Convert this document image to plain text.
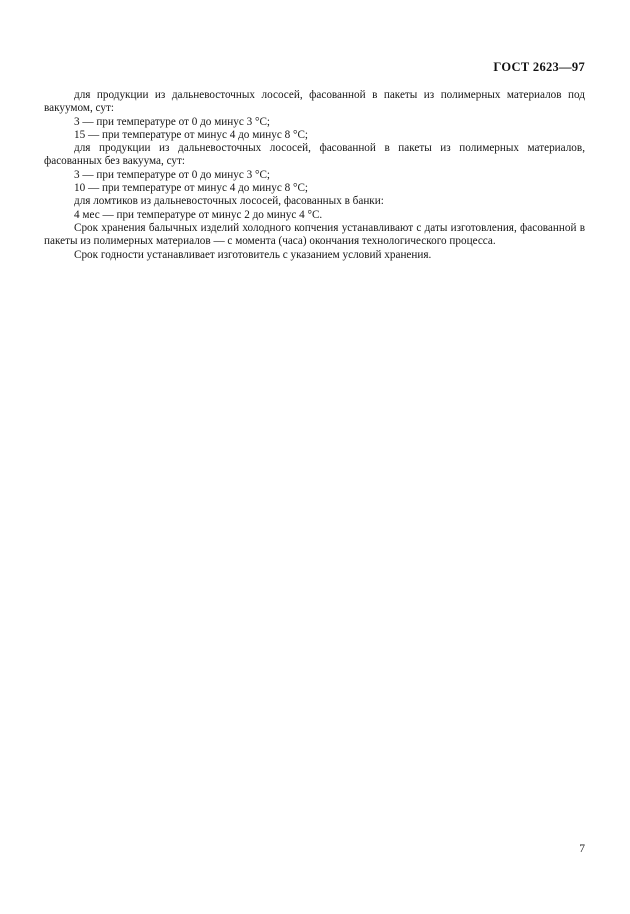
ГОСТ 2623—97

для продукции из дальневосточных лососей, фасованной в пакеты из полимерных материалов под вакуумом, сут:

3 — при температуре от 0 до минус 3 °С;

15 — при температуре от минус 4 до минус 8 °С;

для продукции из дальневосточных лососей, фасованной в пакеты из полимерных материалов, фасованных без вакуума, сут:

3 — при температуре от 0 до минус 3 °С;

10 — при температуре от минус 4 до минус 8 °С;

для ломтиков из дальневосточных лососей, фасованных в банки:

4 мес — при температуре от минус 2 до минус 4 °С.

Срок хранения балычных изделий холодного копчения устанавливают с даты изготовления, фасованной в пакеты из полимерных материалов — с момента (часа) окончания технологического процесса.

Срок годности устанавливает изготовитель с указанием условий хранения.

7
